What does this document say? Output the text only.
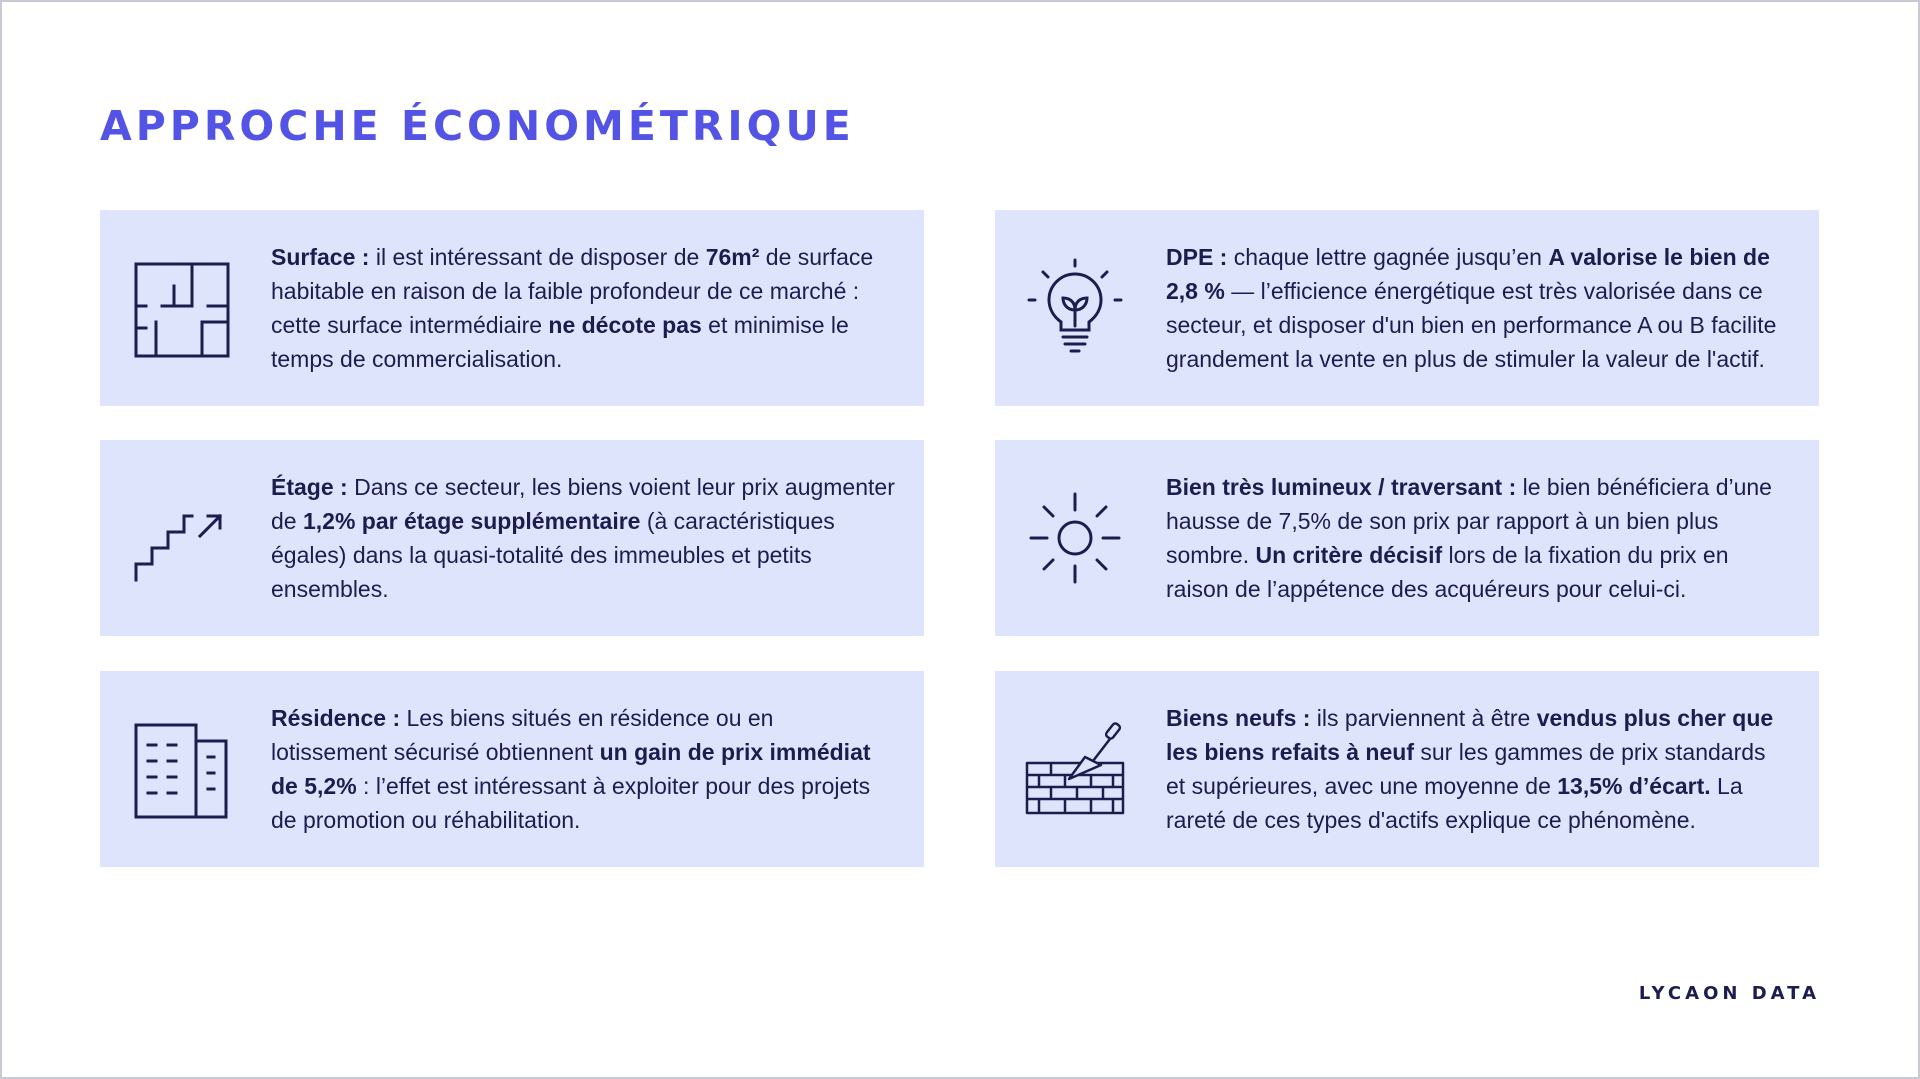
APPROCHE ÉCONOMÉTRIQUE
Surface : il est intéressant de disposer de 76m² de surface habitable en raison de la faible profondeur de ce marché : cette surface intermédiaire ne décote pas et minimise le temps de commercialisation.
DPE : chaque lettre gagnée jusqu’en A valorise le bien de 2,8 % — l’efficience énergétique est très valorisée dans ce secteur, et disposer d'un bien en performance A ou B facilite grandement la vente en plus de stimuler la valeur de l'actif.
Étage : Dans ce secteur, les biens voient leur prix augmenter de 1,2% par étage supplémentaire (à caractéristiques égales) dans la quasi-totalité des immeubles et petits ensembles.
Bien très lumineux / traversant : le bien bénéficiera d’une hausse de 7,5% de son prix par rapport à un bien plus sombre. Un critère décisif lors de la fixation du prix en raison de l’appétence des acquéreurs pour celui-ci.
Résidence : Les biens situés en résidence ou en lotissement sécurisé obtiennent un gain de prix immédiat de 5,2% : l’effet est intéressant à exploiter pour des projets de promotion ou réhabilitation.
Biens neufs : ils parviennent à être vendus plus cher que les biens refaits à neuf sur les gammes de prix standards et supérieures, avec une moyenne de 13,5% d’écart. La rareté de ces types d'actifs explique ce phénomène.
LYCAON DATA
